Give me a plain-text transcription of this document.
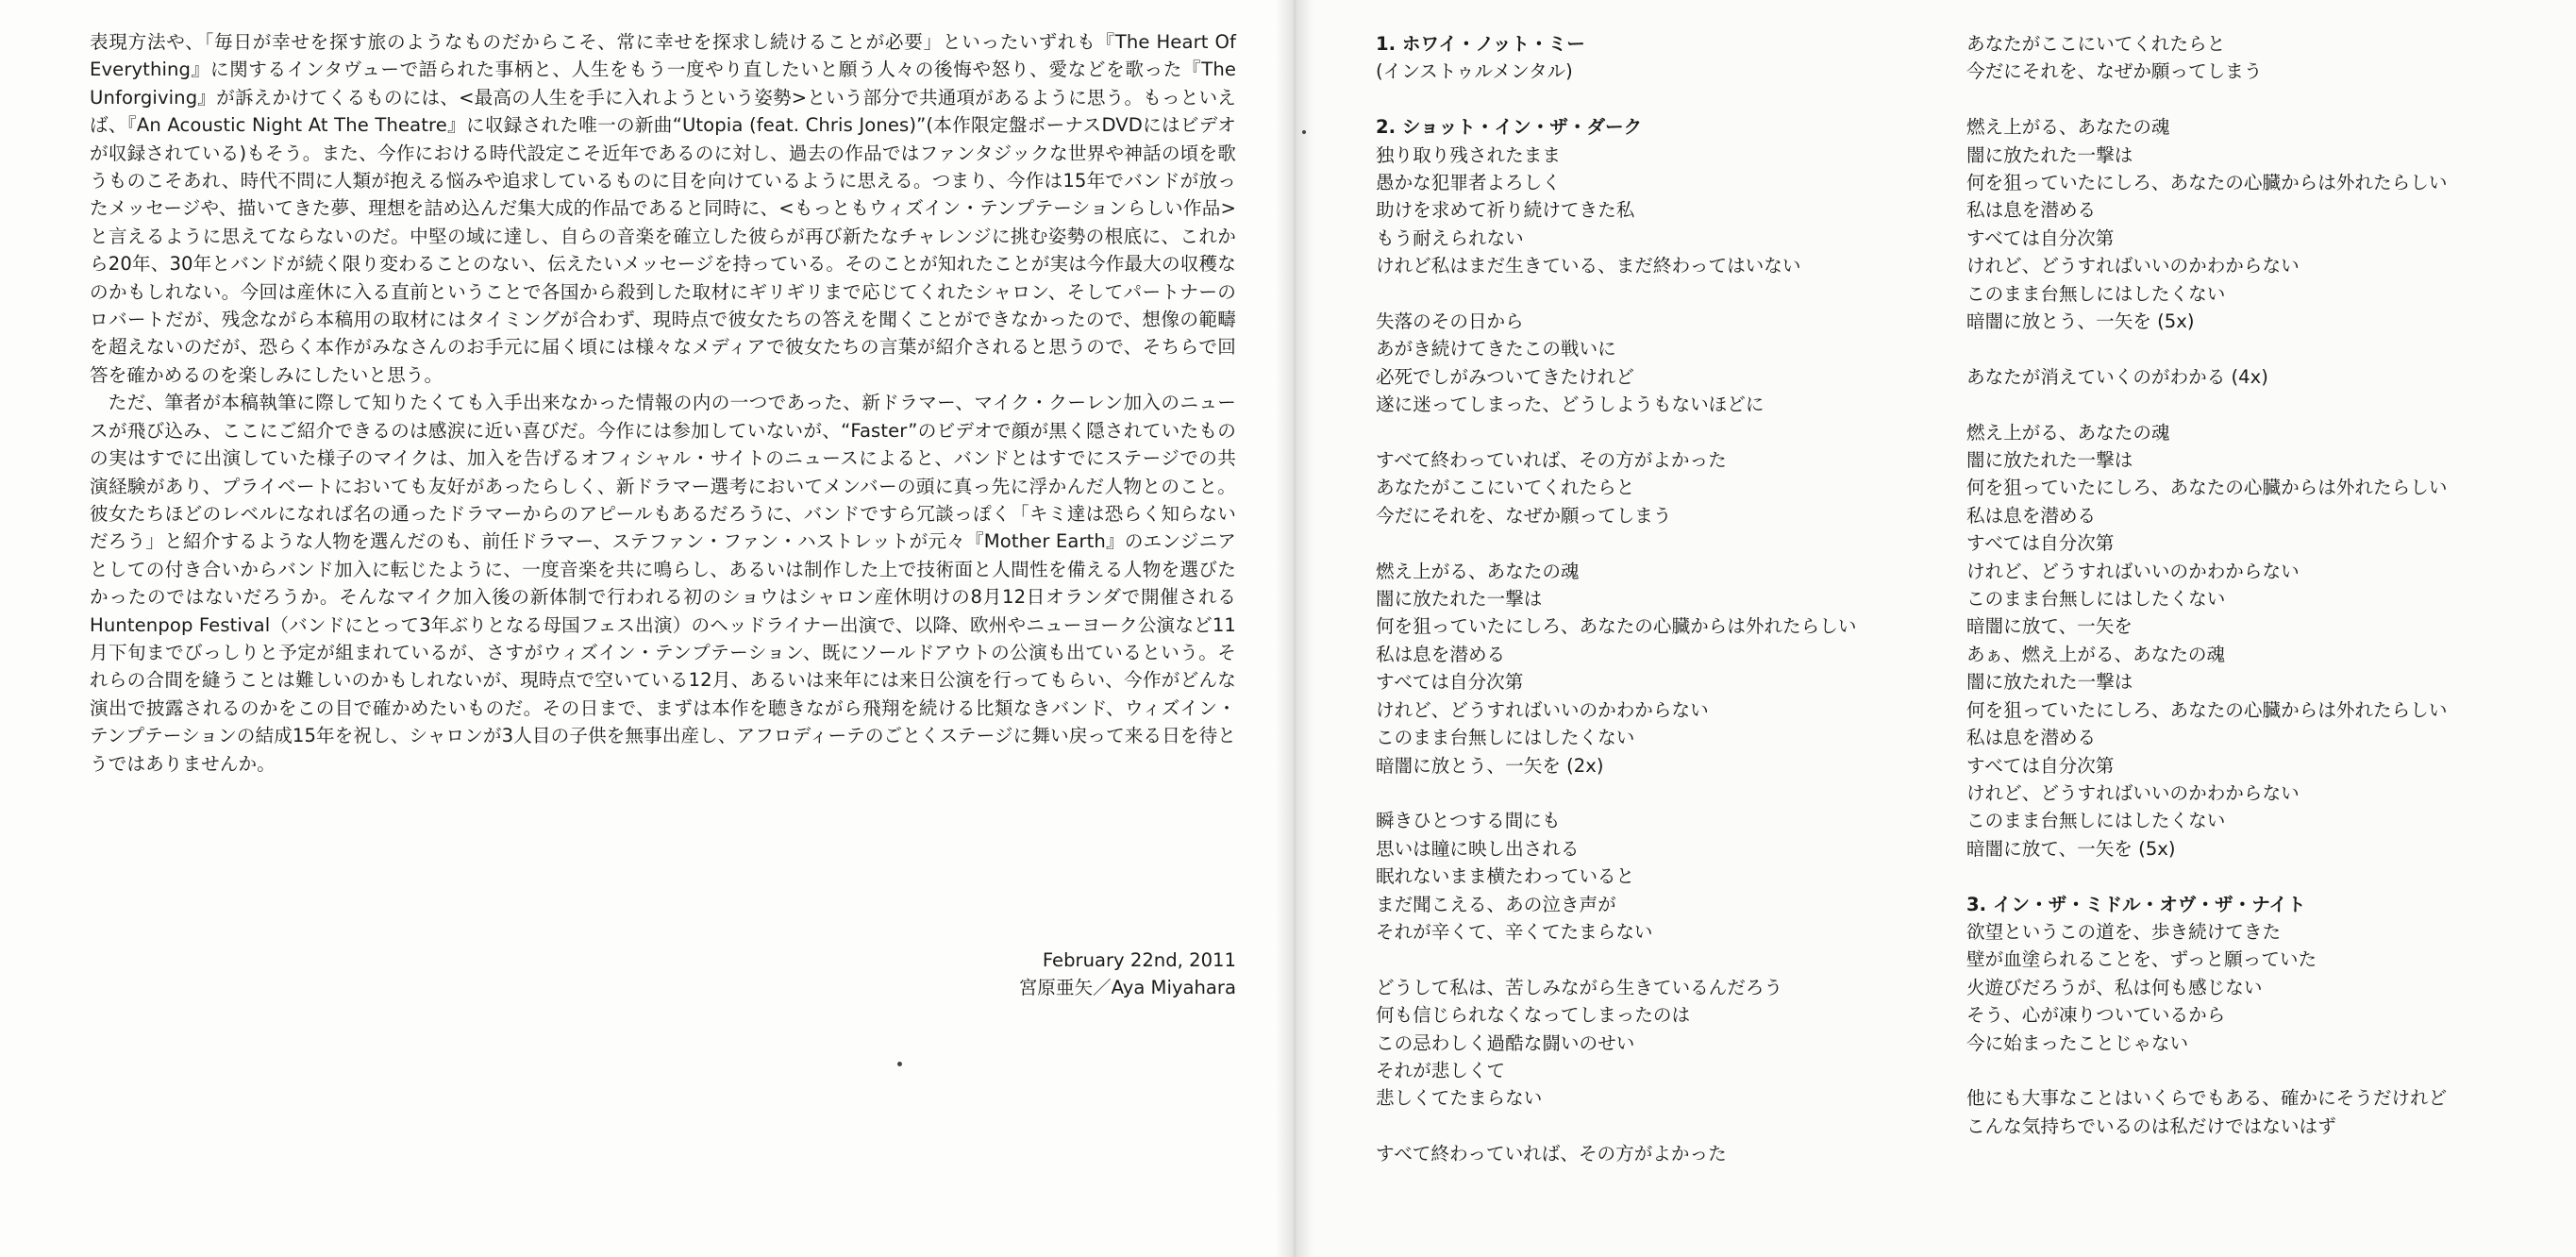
表現方法や、「毎日が幸せを探す旅のようなものだからこそ、常に幸せを探求し続けることが必要」といったいずれも『The Heart Of Everything』に関するインタヴューで語られた事柄と、人生をもう一度やり直したいと願う人々の後悔や怒り、愛などを歌った『The Unforgiving』が訴えかけてくるものには、<最高の人生を手に入れようという姿勢>という部分で共通項があるように思う。もっといえば、『An Acoustic Night At The Theatre』に収録された唯一の新曲“Utopia (feat. Chris Jones)”(本作限定盤ボーナスDVDにはビデオが収録されている)もそう。また、今作における時代設定こそ近年であるのに対し、過去の作品ではファンタジックな世界や神話の頃を歌うものこそあれ、時代不問に人類が抱える悩みや追求しているものに目を向けているように思える。つまり、今作は15年でバンドが放ったメッセージや、描いてきた夢、理想を詰め込んだ集大成的作品であると同時に、<もっともウィズイン・テンプテーションらしい作品>と言えるように思えてならないのだ。中堅の域に達し、自らの音楽を確立した彼らが再び新たなチャレンジに挑む姿勢の根底に、これから20年、30年とバンドが続く限り変わることのない、伝えたいメッセージを持っている。そのことが知れたことが実は今作最大の収穫なのかもしれない。今回は産休に入る直前ということで各国から殺到した取材にギリギリまで応じてくれたシャロン、そしてパートナーのロバートだが、残念ながら本稿用の取材にはタイミングが合わず、現時点で彼女たちの答えを聞くことができなかったので、想像の範疇を超えないのだが、恐らく本作がみなさんのお手元に届く頃には様々なメディアで彼女たちの言葉が紹介されると思うので、そちらで回答を確かめるのを楽しみにしたいと思う。

ただ、筆者が本稿執筆に際して知りたくても入手出来なかった情報の内の一つであった、新ドラマー、マイク・クーレン加入のニュースが飛び込み、ここにご紹介できるのは感涙に近い喜びだ。今作には参加していないが、“Faster”のビデオで顔が黒く隠されていたものの実はすでに出演していた様子のマイクは、加入を告げるオフィシャル・サイトのニュースによると、バンドとはすでにステージでの共演経験があり、プライベートにおいても友好があったらしく、新ドラマー選考においてメンバーの頭に真っ先に浮かんだ人物とのこと。彼女たちほどのレベルになれば名の通ったドラマーからのアピールもあるだろうに、バンドですら冗談っぽく「キミ達は恐らく知らないだろう」と紹介するような人物を選んだのも、前任ドラマー、ステファン・ファン・ハストレットが元々『Mother Earth』のエンジニアとしての付き合いからバンド加入に転じたように、一度音楽を共に鳴らし、あるいは制作した上で技術面と人間性を備える人物を選びたかったのではないだろうか。そんなマイク加入後の新体制で行われる初のショウはシャロン産休明けの8月12日オランダで開催されるHuntenpop Festival（バンドにとって3年ぶりとなる母国フェス出演）のヘッドライナー出演で、以降、欧州やニューヨーク公演など11月下旬までびっしりと予定が組まれているが、さすがウィズイン・テンプテーション、既にソールドアウトの公演も出ているという。それらの合間を縫うことは難しいのかもしれないが、現時点で空いている12月、あるいは来年には来日公演を行ってもらい、今作がどんな演出で披露されるのかをこの目で確かめたいものだ。その日まで、まずは本作を聴きながら飛翔を続ける比類なきバンド、ウィズイン・テンプテーションの結成15年を祝し、シャロンが3人目の子供を無事出産し、アフロディーテのごとくステージに舞い戻って来る日を待とうではありませんか。

February 22nd, 2011
宮原亜矢／Aya Miyahara

1. ホワイ・ノット・ミー

(インストゥルメンタル)

2. ショット・イン・ザ・ダーク

独り取り残されたまま

愚かな犯罪者よろしく

助けを求めて祈り続けてきた私

もう耐えられない

けれど私はまだ生きている、まだ終わってはいない

失落のその日から

あがき続けてきたこの戦いに

必死でしがみついてきたけれど

遂に迷ってしまった、どうしようもないほどに

すべて終わっていれば、その方がよかった

あなたがここにいてくれたらと

今だにそれを、なぜか願ってしまう

燃え上がる、あなたの魂

闇に放たれた一撃は

何を狙っていたにしろ、あなたの心臓からは外れたらしい

私は息を潜める

すべては自分次第

けれど、どうすればいいのかわからない

このまま台無しにはしたくない

暗闇に放とう、一矢を (2x)

瞬きひとつする間にも

思いは瞳に映し出される

眠れないまま横たわっていると

まだ聞こえる、あの泣き声が

それが辛くて、辛くてたまらない

どうして私は、苦しみながら生きているんだろう

何も信じられなくなってしまったのは

この忌わしく過酷な闘いのせい

それが悲しくて

悲しくてたまらない

すべて終わっていれば、その方がよかった

あなたがここにいてくれたらと

今だにそれを、なぜか願ってしまう

燃え上がる、あなたの魂

闇に放たれた一撃は

何を狙っていたにしろ、あなたの心臓からは外れたらしい

私は息を潜める

すべては自分次第

けれど、どうすればいいのかわからない

このまま台無しにはしたくない

暗闇に放とう、一矢を (5x)

あなたが消えていくのがわかる (4x)

燃え上がる、あなたの魂

闇に放たれた一撃は

何を狙っていたにしろ、あなたの心臓からは外れたらしい

私は息を潜める

すべては自分次第

けれど、どうすればいいのかわからない

このまま台無しにはしたくない

暗闇に放て、一矢を

あぁ、燃え上がる、あなたの魂

闇に放たれた一撃は

何を狙っていたにしろ、あなたの心臓からは外れたらしい

私は息を潜める

すべては自分次第

けれど、どうすればいいのかわからない

このまま台無しにはしたくない

暗闇に放て、一矢を (5x)

3. イン・ザ・ミドル・オヴ・ザ・ナイト

欲望というこの道を、歩き続けてきた

壁が血塗られることを、ずっと願っていた

火遊びだろうが、私は何も感じない

そう、心が凍りついているから

今に始まったことじゃない

他にも大事なことはいくらでもある、確かにそうだけれど

こんな気持ちでいるのは私だけではないはず
